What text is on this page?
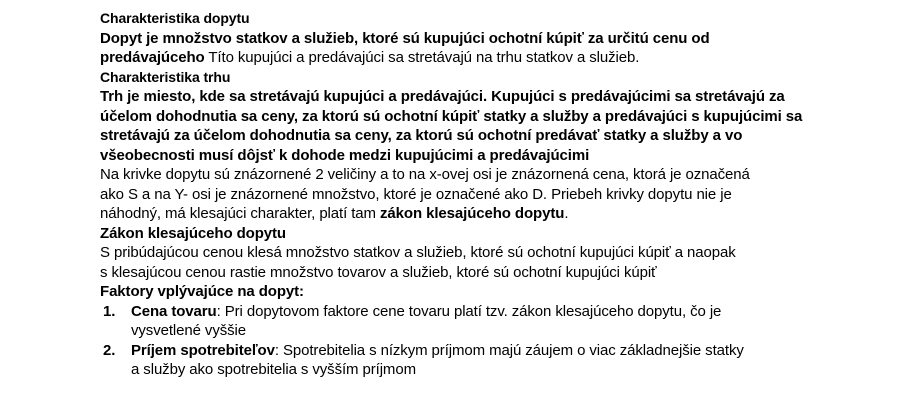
Charakteristika dopytu

Dopyt je množstvo statkov a služieb, ktoré sú kupujúci ochotní kúpiť za určitú cenu od

predávajúceho Títo kupujúci a predávajúci sa stretávajú na trhu statkov a služieb.

Charakteristika trhu

Trh je miesto, kde sa stretávajú kupujúci a predávajúci. Kupujúci s predávajúcimi sa stretávajú za

účelom dohodnutia sa ceny, za ktorú sú ochotní kúpiť statky a služby a predávajúci s kupujúcimi sa

stretávajú za účelom dohodnutia sa ceny, za ktorú sú ochotní predávať statky a služby a vo

všeobecnosti musí dôjsť k dohode medzi kupujúcimi a predávajúcimi

Na krivke dopytu sú znázornené 2 veličiny a to na x-ovej osi je znázornená cena, ktorá je označená

ako S a na Y- osi je znázornené množstvo, ktoré je označené ako D. Priebeh krivky dopytu nie je

náhodný, má klesajúci charakter, platí tam zákon klesajúceho dopytu.

Zákon klesajúceho dopytu

S pribúdajúcou cenou klesá množstvo statkov a služieb, ktoré sú ochotní kupujúci kúpiť a naopak

s klesajúcou cenou rastie množstvo tovarov a služieb, ktoré sú ochotní kupujúci kúpiť

Faktory vplývajúce na dopyt:

1. Cena tovaru: Pri dopytovom faktore cene tovaru platí tzv. zákon klesajúceho dopytu, čo je
vysvetlené vyššie
2. Príjem spotrebiteľov: Spotrebitelia s nízkym príjmom majú záujem o viac základnejšie statky
a služby ako spotrebitelia s vyšším príjmom
